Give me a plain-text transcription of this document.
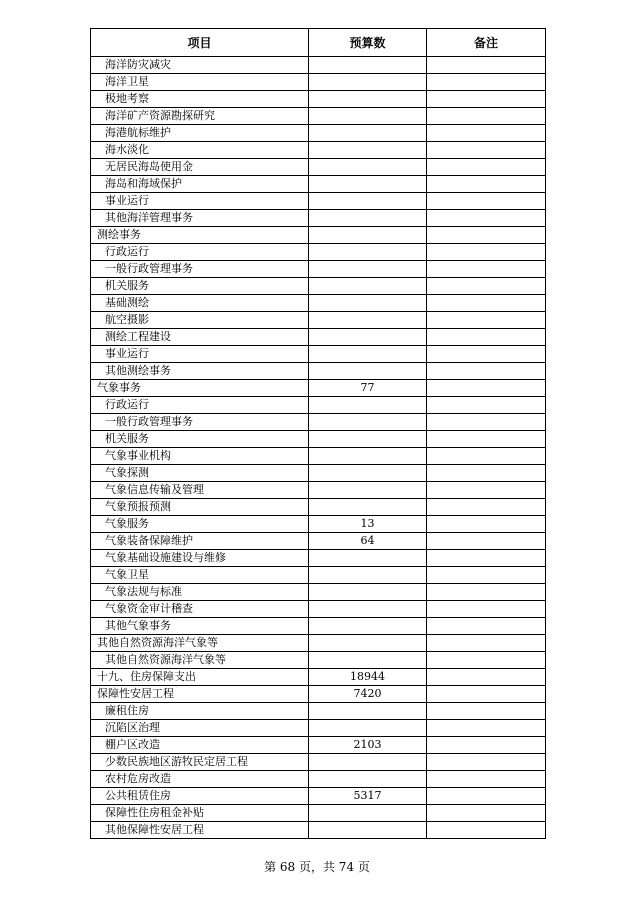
项目	预算数	备注
海洋防灾减灾		
海洋卫星		
极地考察		
海洋矿产资源勘探研究		
海港航标维护		
海水淡化		
无居民海岛使用金		
海岛和海域保护		
事业运行		
其他海洋管理事务		
测绘事务		
行政运行		
一般行政管理事务		
机关服务		
基础测绘		
航空摄影		
测绘工程建设		
事业运行		
其他测绘事务		
气象事务	77	
行政运行		
一般行政管理事务		
机关服务		
气象事业机构		
气象探测		
气象信息传输及管理		
气象预报预测		
气象服务	13	
气象装备保障维护	64	
气象基础设施建设与维修		
气象卫星		
气象法规与标准		
气象资金审计稽查		
其他气象事务		
其他自然资源海洋气象等		
其他自然资源海洋气象等		
十九、住房保障支出	18944	
保障性安居工程	7420	
廉租住房		
沉陷区治理		
棚户区改造	2103	
少数民族地区游牧民定居工程		
农村危房改造		
公共租赁住房	5317	
保障性住房租金补贴		
其他保障性安居工程		
第 68 页，共 74 页
